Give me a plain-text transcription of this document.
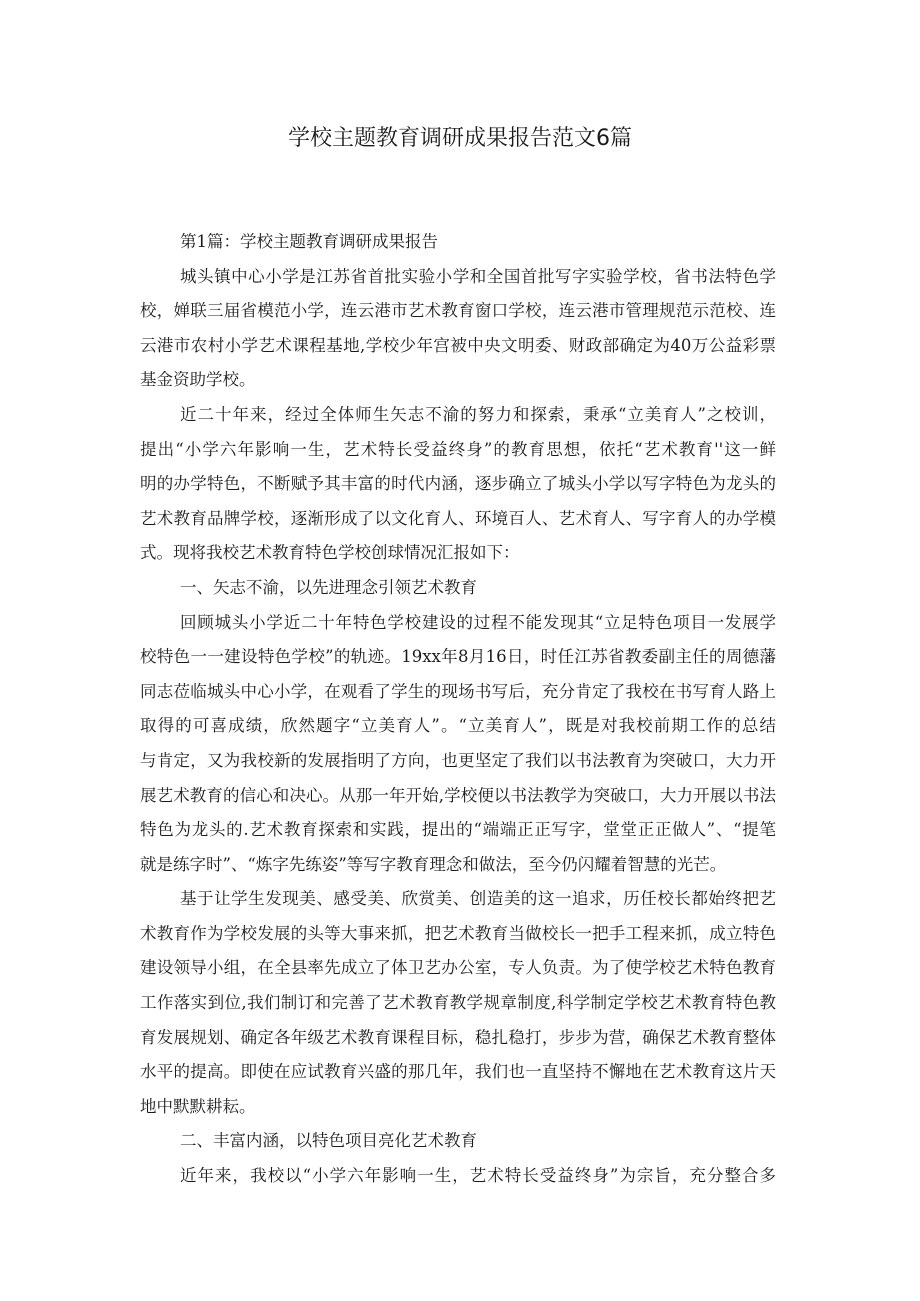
学校主题教育调研成果报告范文6篇
第1篇：学校主题教育调研成果报告
城头镇中心小学是江苏省首批实验小学和全国首批写字实验学校，省书法特色学
校，婵联三届省模范小学，连云港市艺术教育窗口学校，连云港市管理规范示范校、连
云港市农村小学艺术课程基地,学校少年宫被中央文明委、财政部确定为40万公益彩票
基金资助学校。
近二十年来，经过全体师生矢志不渝的努力和探索，秉承“立美育人”之校训，
提出“小学六年影响一生，艺术特长受益终身”的教育思想，依托“艺术教育''这一鲜
明的办学特色，不断赋予其丰富的时代内涵，逐步确立了城头小学以写字特色为龙头的
艺术教育品牌学校，逐渐形成了以文化育人、环境百人、艺术育人、写字育人的办学模
式。现将我校艺术教育特色学校创球情况汇报如下：
一、矢志不渝，以先进理念引领艺术教育
回顾城头小学近二十年特色学校建设的过程不能发现其“立足特色项目一发展学
校特色一一建设特色学校”的轨迹。19xx年8月16日，时任江苏省教委副主任的周德藩
同志莅临城头中心小学，在观看了学生的现场书写后，充分肯定了我校在书写育人路上
取得的可喜成绩，欣然题字“立美育人”。“立美育人”，既是对我校前期工作的总结
与肯定，又为我校新的发展指明了方向，也更坚定了我们以书法教育为突破口，大力开
展艺术教育的信心和决心。从那一年开始,学校便以书法教学为突破口，大力开展以书法
特色为龙头的.艺术教育探索和实践，提出的“端端正正写字，堂堂正正做人”、“提笔
就是练字时”、“炼字先练姿”等写字教育理念和做法，至今仍闪耀着智慧的光芒。
基于让学生发现美、感受美、欣赏美、创造美的这一追求，历任校长都始终把艺
术教育作为学校发展的头等大事来抓，把艺术教育当做校长一把手工程来抓，成立特色
建设领导小组，在全县率先成立了体卫艺办公室，专人负责。为了使学校艺术特色教育
工作落实到位,我们制订和完善了艺术教育教学规章制度,科学制定学校艺术教育特色教
育发展规划、确定各年级艺术教育课程目标，稳扎稳打，步步为营，确保艺术教育整体
水平的提高。即使在应试教育兴盛的那几年，我们也一直坚持不懈地在艺术教育这片天
地中默默耕耘。
二、丰富内涵，以特色项目亮化艺术教育
近年来，我校以“小学六年影响一生，艺术特长受益终身”为宗旨，充分整合多
